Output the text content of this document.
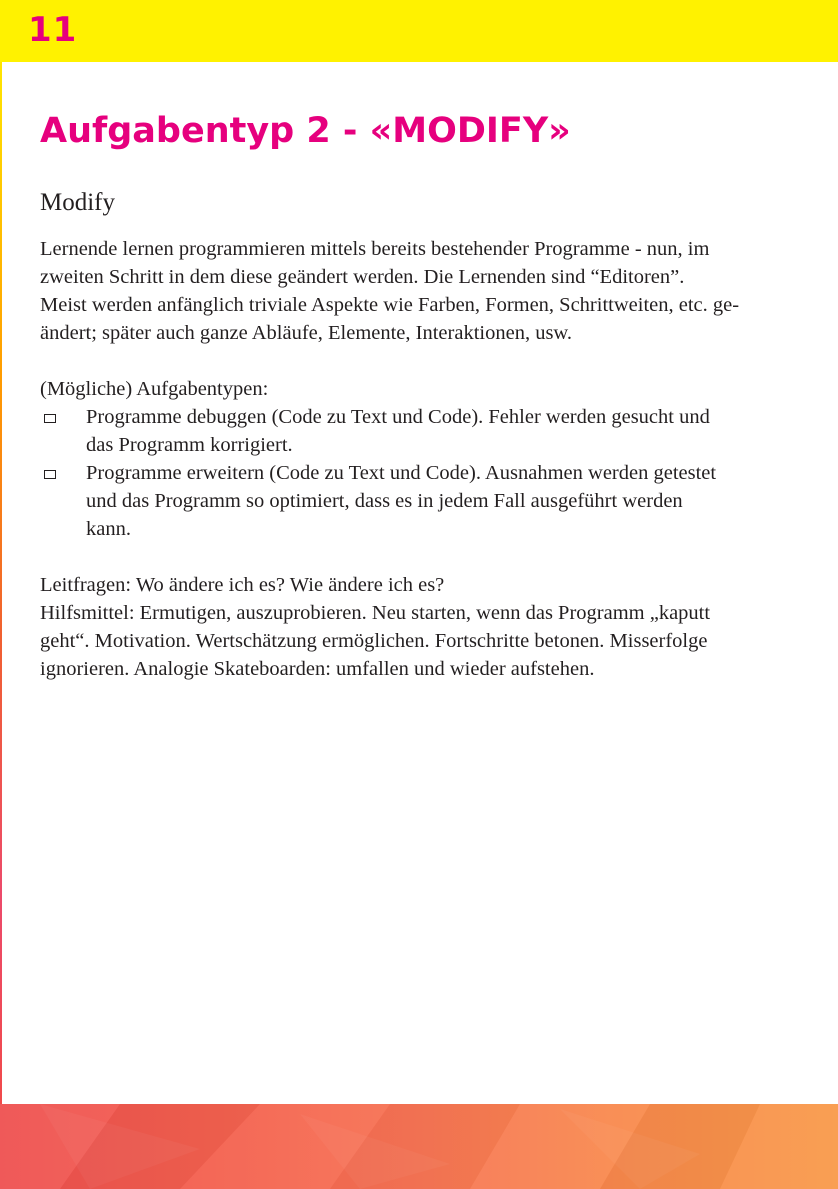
11
Aufgabentyp 2 - «MODIFY»
Modify

Lernende lernen programmieren mittels bereits bestehender Programme - nun, im
zweiten Schritt in dem diese geändert werden. Die Lernenden sind “Editoren”.
Meist werden anfänglich triviale Aspekte wie Farben, Formen, Schrittweiten, etc. ge-
ändert; später auch ganze Abläufe, Elemente, Interaktionen, usw.

(Mögliche) Aufgabentypen:

Programme debuggen (Code zu Text und Code). Fehler werden gesucht und
das Programm korrigiert.
Programme erweitern (Code zu Text und Code). Ausnahmen werden getestet
und das Programm so optimiert, dass es in jedem Fall ausgeführt werden
kann.

Leitfragen: Wo ändere ich es? Wie ändere ich es?
Hilfsmittel: Ermutigen, auszuprobieren. Neu starten, wenn das Programm „kaputt
geht“. Motivation. Wertschätzung ermöglichen. Fortschritte betonen. Misserfolge
ignorieren. Analogie Skateboarden: umfallen und wieder aufstehen.
